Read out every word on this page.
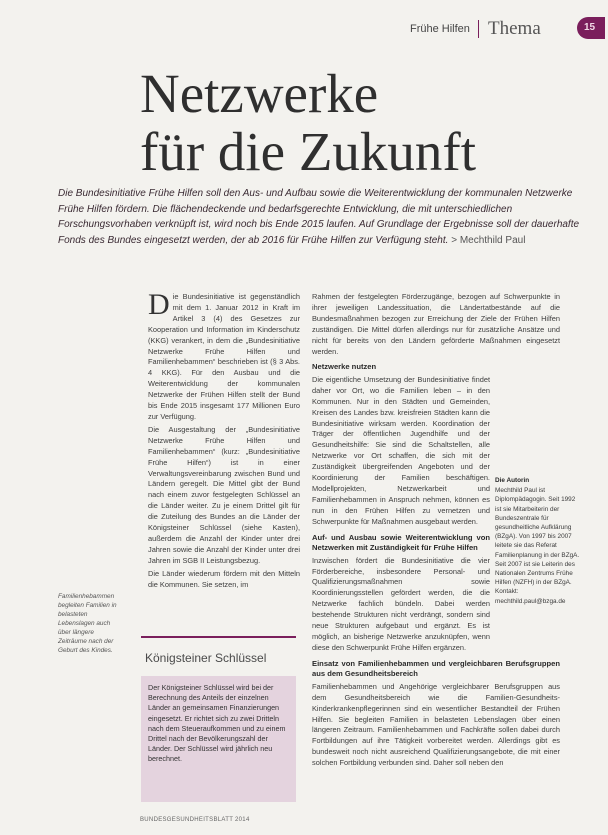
Frühe Hilfen Thema	15
Netzwerke
für die Zukunft

Die Bundesinitiative Frühe Hilfen soll den Aus- und Aufbau sowie die Weiterentwicklung der kommunalen Netzwerke Frühe Hilfen fördern. Die flächendeckende und bedarfsgerechte Entwicklung, die mit unterschiedlichen Forschungsvorhaben verknüpft ist, wird noch bis Ende 2015 laufen. Auf Grundlage der Ergebnisse soll der dauerhafte Fonds des Bundes eingesetzt werden, der ab 2016 für Frühe Hilfen zur Verfügung steht. > Mechthild Paul

Die Bundesinitiative ist gegenständlich mit dem 1. Januar 2012 in Kraft im Artikel 3 (4) des Gesetzes zur Kooperation und Information im Kinderschutz (KKG) verankert, in dem die „Bundesinitiative Netzwerke Frühe Hilfen und Familienhebammen“ beschrieben ist (§ 3 Abs. 4 KKG). Für den Ausbau und die Weiterentwicklung der kommunalen Netzwerke der Frühen Hilfen stellt der Bund bis Ende 2015 insgesamt 177 Millionen Euro zur Verfügung.

Die Ausgestaltung der „Bundesinitiative Netzwerke Frühe Hilfen und Familienhebammen“ (kurz: „Bundesinitiative Frühe Hilfen“) ist in einer Verwaltungsvereinbarung zwischen Bund und Ländern geregelt. Die Mittel gibt der Bund nach einem zuvor festgelegten Schlüssel an die Länder weiter. Zu je einem Drittel gilt für die Zuteilung des Bundes an die Länder der Königsteiner Schlüssel (siehe Kasten), außerdem die Anzahl der Kinder unter drei Jahren sowie die Anzahl der Kinder unter drei Jahren im SGB II Leistungsbezug.

Die Länder wiederum fördern mit den Mitteln die Kommunen. Sie setzen, im

Rahmen der festgelegten Förderzugänge, bezogen auf Schwerpunkte in ihrer jeweiligen Landessituation, die Ländertatbestände auf die Bundesmaßnahmen bezogen zur Erreichung der Ziele der Frühen Hilfen zuständigen. Die Mittel dürfen allerdings nur für zusätzliche Ansätze und nicht für bereits von den Ländern geförderte Maßnahmen eingesetzt werden.

Netzwerke nutzen

Die eigentliche Umsetzung der Bundesinitiative findet daher vor Ort, wo die Familien leben – in den Kommunen. Nur in den Städten und Gemeinden, Kreisen des Landes bzw. kreisfreien Städten kann die Bundesinitiative wirksam werden. Koordination der Träger der öffentlichen Jugendhilfe und der Gesundheitshilfe: Sie sind die Schaltstellen, alle Netzwerke vor Ort schaffen, die sich mit der Zuständigkeit übergreifenden Angeboten und der Koordinierung der Familien beschäftigen. Modellprojekten, Netzwerkarbeit und Familienhebammen in Anspruch nehmen, können es nun in den Frühen Hilfen zu vernetzen und Schwerpunkte für Maßnahmen ausgebaut werden.

Auf- und Ausbau sowie Weiterentwicklung von Netzwerken mit Zuständigkeit für Frühe Hilfen

Inzwischen fördert die Bundesinitiative die vier Förderbereiche, insbesondere Personal- und Qualifizierungsmaßnahmen sowie Koordinierungsstellen gefördert werden, die die Netzwerke fachlich bündeln. Dabei werden bestehende Strukturen nicht verdrängt, sondern sind neue Strukturen aufgebaut und ergänzt. Es ist möglich, an bisherige Netzwerke anzuknüpfen, wenn diese den Schwerpunkt Frühe Hilfen ergänzen.

Einsatz von Familienhebammen und vergleichbaren Berufsgruppen aus dem Gesundheitsbereich

Familienhebammen und Angehörige vergleichbarer Berufsgruppen aus dem Gesundheitsbereich wie die Familien-Gesundheits-Kinderkrankenpflegerinnen sind ein wesentlicher Bestandteil der Frühen Hilfen. Sie begleiten Familien in belasteten Lebenslagen über einen längeren Zeitraum. Familienhebammen und Fachkräfte sollen dabei durch Fortbildungen auf ihre Tätigkeit vorbereitet werden. Allerdings gibt es bundesweit noch nicht ausreichend Qualifizierungsangebote, die mit einer solchen Fortbildung verbunden sind. Daher soll neben den

Familienhebammen begleiten Familien in belasteten Lebenslagen auch über längere Zeiträume nach der Geburt des Kindes.
Die Autorin
Mechthild Paul ist Diplompädagogin. Seit 1992 ist sie Mitarbeiterin der Bundeszentrale für gesundheitliche Aufklärung (BZgA). Von 1997 bis 2007 leitete sie das Referat Familienplanung in der BZgA. Seit 2007 ist sie Leiterin des Nationalen Zentrums Frühe Hilfen (NZFH) in der BZgA. Kontakt: mechthild.paul@bzga.de
Königsteiner Schlüssel
Der Königsteiner Schlüssel wird bei der Berechnung des Anteils der einzelnen Länder an gemeinsamen Finanzierungen eingesetzt. Er richtet sich zu zwei Dritteln nach dem Steueraufkommen und zu einem Drittel nach der Bevölkerungszahl der Länder. Der Schlüssel wird jährlich neu berechnet.
BUNDESGESUNDHEITSBLATT 2014
